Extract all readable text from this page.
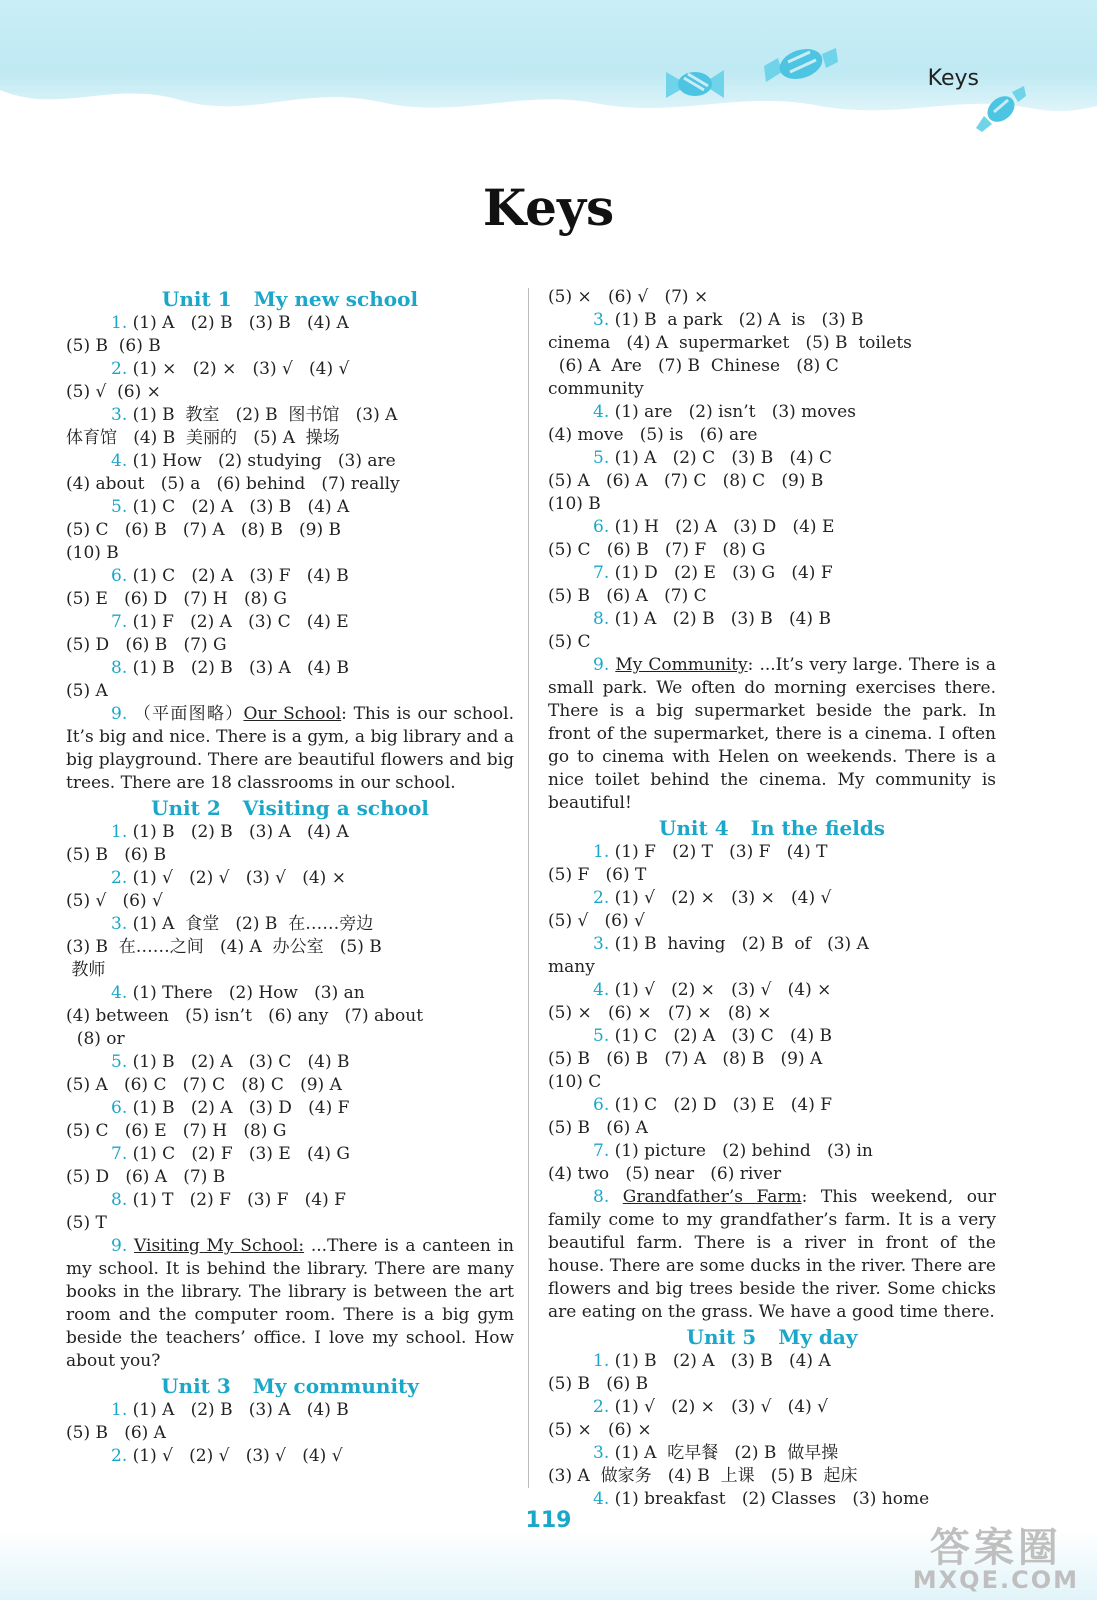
Keys
Keys
Unit 1 My new school
1. (1) A   (2) B   (3) B   (4) A
(5) B  (6) B
2. (1) ×   (2) ×   (3) √   (4) √
(5) √  (6) ×
3. (1) B  教室   (2) B  图书馆   (3) A
体育馆   (4) B  美丽的   (5) A  操场
4. (1) How   (2) studying   (3) are
(4) about   (5) a   (6) behind   (7) really
5. (1) C   (2) A   (3) B   (4) A
(5) C   (6) B   (7) A   (8) B   (9) B
(10) B
6. (1) C   (2) A   (3) F   (4) B
(5) E   (6) D   (7) H   (8) G
7. (1) F   (2) A   (3) C   (4) E
(5) D   (6) B   (7) G
8. (1) B   (2) B   (3) A   (4) B
(5) A
9. （平面图略）Our School: This is our school. It’s big and nice. There is a gym, a big library and a big playground. There are beautiful flowers and big trees. There are 18 classrooms in our school.
Unit 2 Visiting a school
1. (1) B   (2) B   (3) A   (4) A
(5) B   (6) B
2. (1) √   (2) √   (3) √   (4) ×
(5) √   (6) √
3. (1) A  食堂   (2) B  在……旁边
(3) B  在……之间   (4) A  办公室   (5) B
教师
4. (1) There   (2) How   (3) an
(4) between   (5) isn’t   (6) any   (7) about
(8) or
5. (1) B   (2) A   (3) C   (4) B
(5) A   (6) C   (7) C   (8) C   (9) A
6. (1) B   (2) A   (3) D   (4) F
(5) C   (6) E   (7) H   (8) G
7. (1) C   (2) F   (3) E   (4) G
(5) D   (6) A   (7) B
8. (1) T   (2) F   (3) F   (4) F
(5) T
9. Visiting My School: ...There is a canteen in my school. It is behind the library. There are many books in the library. The library is between the art room and the computer room. There is a big gym beside the teachers’ office. I love my school. How about you?
Unit 3 My community
1. (1) A   (2) B   (3) A   (4) B
(5) B   (6) A
2. (1) √   (2) √   (3) √   (4) √
(5) ×   (6) √   (7) ×
3. (1) B  a park   (2) A  is   (3) B
cinema   (4) A  supermarket   (5) B  toilets
(6) A  Are   (7) B  Chinese   (8) C
community
4. (1) are   (2) isn’t   (3) moves
(4) move   (5) is   (6) are
5. (1) A   (2) C   (3) B   (4) C
(5) A   (6) A   (7) C   (8) C   (9) B
(10) B
6. (1) H   (2) A   (3) D   (4) E
(5) C   (6) B   (7) F   (8) G
7. (1) D   (2) E   (3) G   (4) F
(5) B   (6) A   (7) C
8. (1) A   (2) B   (3) B   (4) B
(5) C
9. My Community: ...It’s very large. There is a small park. We often do morning exercises there. There is a big supermarket beside the park. In front of the supermarket, there is a cinema. I often go to cinema with Helen on weekends. There is a nice toilet behind the cinema. My community is beautiful!
Unit 4 In the fields
1. (1) F   (2) T   (3) F   (4) T
(5) F   (6) T
2. (1) √   (2) ×   (3) ×   (4) √
(5) √   (6) √
3. (1) B  having   (2) B  of   (3) A
many
4. (1) √   (2) ×   (3) √   (4) ×
(5) ×   (6) ×   (7) ×   (8) ×
5. (1) C   (2) A   (3) C   (4) B
(5) B   (6) B   (7) A   (8) B   (9) A
(10) C
6. (1) C   (2) D   (3) E   (4) F
(5) B   (6) A
7. (1) picture   (2) behind   (3) in
(4) two   (5) near   (6) river
8. Grandfather’s Farm: This weekend, our family come to my grandfather’s farm. It is a very beautiful farm. There is a river in front of the house. There are some ducks in the river. There are flowers and big trees beside the river. Some chicks are eating on the grass. We have a good time there.
Unit 5 My day
1. (1) B   (2) A   (3) B   (4) A
(5) B   (6) B
2. (1) √   (2) ×   (3) √   (4) √
(5) ×   (6) ×
3. (1) A  吃早餐   (2) B  做早操
(3) A  做家务   (4) B  上课   (5) B  起床
4. (1) breakfast   (2) Classes   (3) home
119
答案圈
MXQE.COM
